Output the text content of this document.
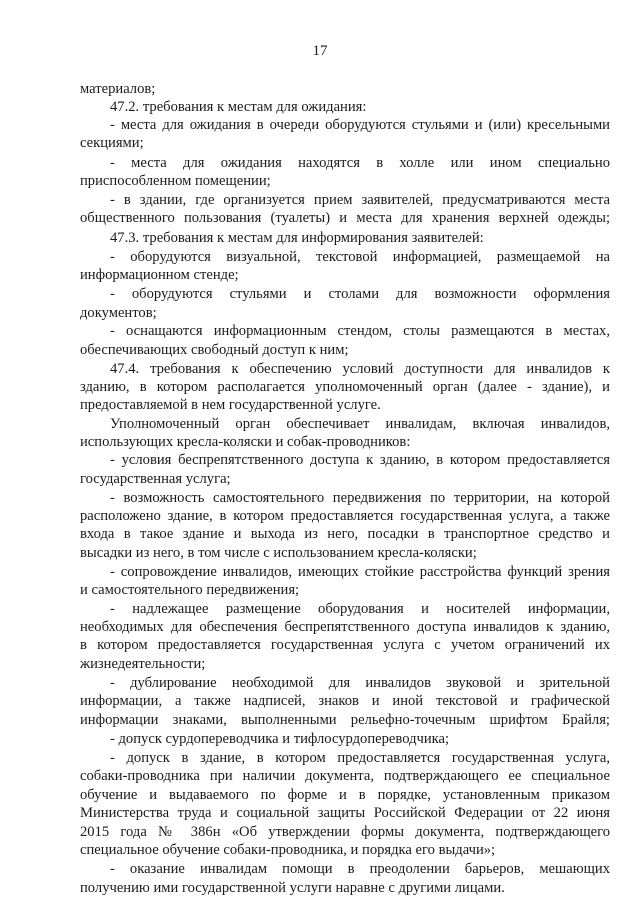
17
материалов;
47.2. требования к местам для ожидания:
- места для ожидания в очереди оборудуются стульями и (или) кресельными
секциями;
- места для ожидания находятся в холле или ином специально
приспособленном помещении;
- в здании, где организуется прием заявителей, предусматриваются места
общественного пользования (туалеты) и места для хранения верхней одежды;
47.3. требования к местам для информирования заявителей:
- оборудуются визуальной, текстовой информацией, размещаемой на
информационном стенде;
- оборудуются стульями и столами для возможности оформления
документов;
- оснащаются информационным стендом, столы размещаются в местах,
обеспечивающих свободный доступ к ним;
47.4. требования к обеспечению условий доступности для инвалидов к
зданию, в котором располагается уполномоченный орган (далее - здание), и
предоставляемой в нем государственной услуге.
Уполномоченный орган обеспечивает инвалидам, включая инвалидов,
использующих кресла-коляски и собак-проводников:
- условия беспрепятственного доступа к зданию, в котором предоставляется
государственная услуга;
- возможность самостоятельного передвижения по территории, на которой
расположено здание, в котором предоставляется государственная услуга, а также
входа в такое здание и выхода из него, посадки в транспортное средство и
высадки из него, в том числе с использованием кресла-коляски;
- сопровождение инвалидов, имеющих стойкие расстройства функций зрения
и самостоятельного передвижения;
- надлежащее размещение оборудования и носителей информации,
необходимых для обеспечения беспрепятственного доступа инвалидов к зданию,
в котором предоставляется государственная услуга с учетом ограничений их
жизнедеятельности;
- дублирование необходимой для инвалидов звуковой и зрительной
информации, а также надписей, знаков и иной текстовой и графической
информации знаками, выполненными рельефно-точечным шрифтом Брайля;
- допуск сурдопереводчика и тифлосурдопереводчика;
- допуск в здание, в котором предоставляется государственная услуга,
собаки-проводника при наличии документа, подтверждающего ее специальное
обучение и выдаваемого по форме и в порядке, установленным приказом
Министерства труда и социальной защиты Российской Федерации от 22 июня
2015 года № 386н «Об утверждении формы документа, подтверждающего
специальное обучение собаки-проводника, и порядка его выдачи»;
- оказание инвалидам помощи в преодолении барьеров, мешающих
получению ими государственной услуги наравне с другими лицами.
